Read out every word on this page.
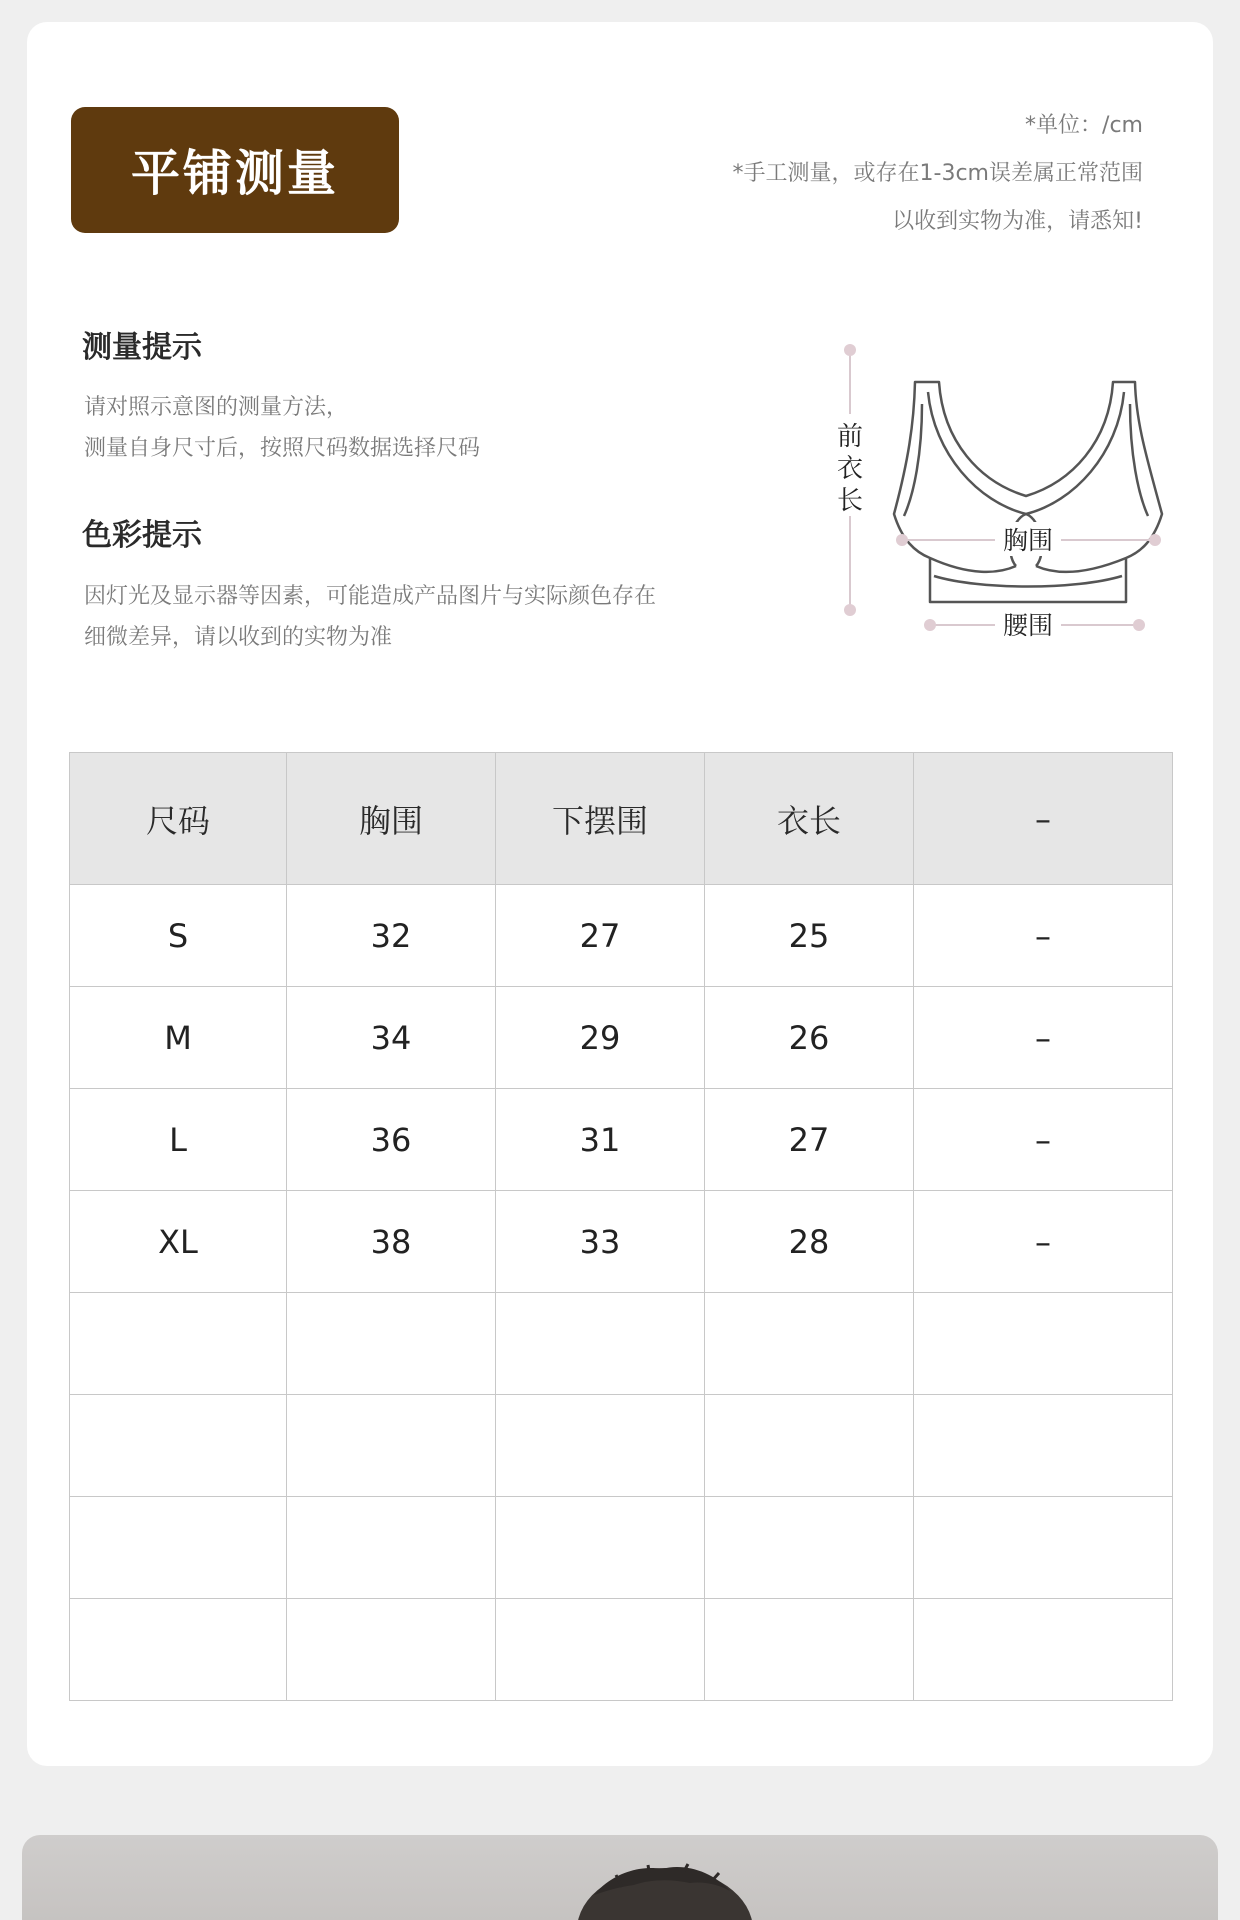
平铺测量
*单位：/cm
*手工测量，或存在1-3cm误差属正常范围
以收到实物为准，请悉知!
测量提示
请对照示意图的测量方法，
测量自身尺寸后，按照尺码数据选择尺码
色彩提示
因灯光及显示器等因素，可能造成产品图片与实际颜色存在
细微差异，请以收到的实物为准
前
衣
长
胸围
腰围
尺码	胸围	下摆围	衣长	–
S	32	27	25	–
M	34	29	26	–
L	36	31	27	–
XL	38	33	28	–
